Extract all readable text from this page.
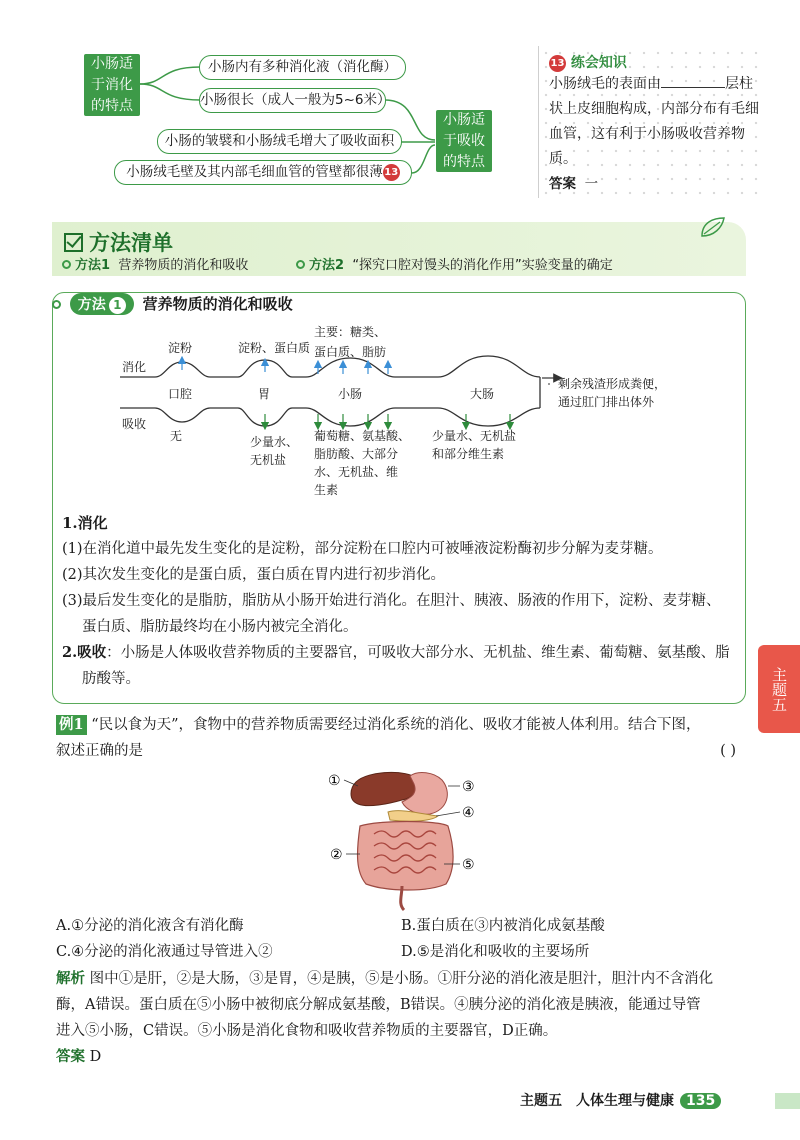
小肠适于消化的特点
小肠内有多种消化液（消化酶）
小肠很长（成人一般为5~6米）
小肠的皱襞和小肠绒毛增大了吸收面积
小肠绒毛壁及其内部毛细血管的管壁都很薄 13
小肠适于吸收的特点
13 练会知识
小肠绒毛的表面由	层柱状上皮细胞构成，内部分布有毛细血管，这有利于小肠吸收营养物质。
答案 一
方法清单
方法1 营养物质的消化和吸收	方法2 “探究口腔对馒头的消化作用”实验变量的确定
方法 1 营养物质的消化和吸收
消化
吸收
口腔	胃	小肠	大肠
淀粉	淀粉、蛋白质
主要：糖类、
蛋白质、脂肪
无	少量水、
无机盐
葡萄糖、氨基酸、
脂肪酸、大部分
水、无机盐、维
生素
少量水、无机盐
和部分维生素
剩余残渣形成粪便，
通过肛门排出体外
1.消化
(1)在消化道中最先发生变化的是淀粉，部分淀粉在口腔内可被唾液淀粉酶初步分解为麦芽糖。
(2)其次发生变化的是蛋白质，蛋白质在胃内进行初步消化。
(3)最后发生变化的是脂肪，脂肪从小肠开始进行消化。在胆汁、胰液、肠液的作用下，淀粉、麦芽糖、
蛋白质、脂肪最终均在小肠内被完全消化。
2.吸收：小肠是人体吸收营养物质的主要器官，可吸收大部分水、无机盐、维生素、葡萄糖、氨基酸、脂
肪酸等。	主题五
例1 “民以食为天”，食物中的营养物质需要经过消化系统的消化、吸收才能被人体利用。结合下图，
叙述正确的是	( )
①
②
③
④
⑤
A.①分泌的消化液含有消化酶	B.蛋白质在③内被消化成氨基酸
C.④分泌的消化液通过导管进入②	D.⑤是消化和吸收的主要场所
解析 图中①是肝，②是大肠，③是胃，④是胰，⑤是小肠。①肝分泌的消化液是胆汁，胆汁内不含消化
酶，A错误。蛋白质在⑤小肠中被彻底分解成氨基酸，B错误。④胰分泌的消化液是胰液，能通过导管
进入⑤小肠，C错误。⑤小肠是消化食物和吸收营养物质的主要器官，D正确。
答案 D
主题五　人体生理与健康 135
